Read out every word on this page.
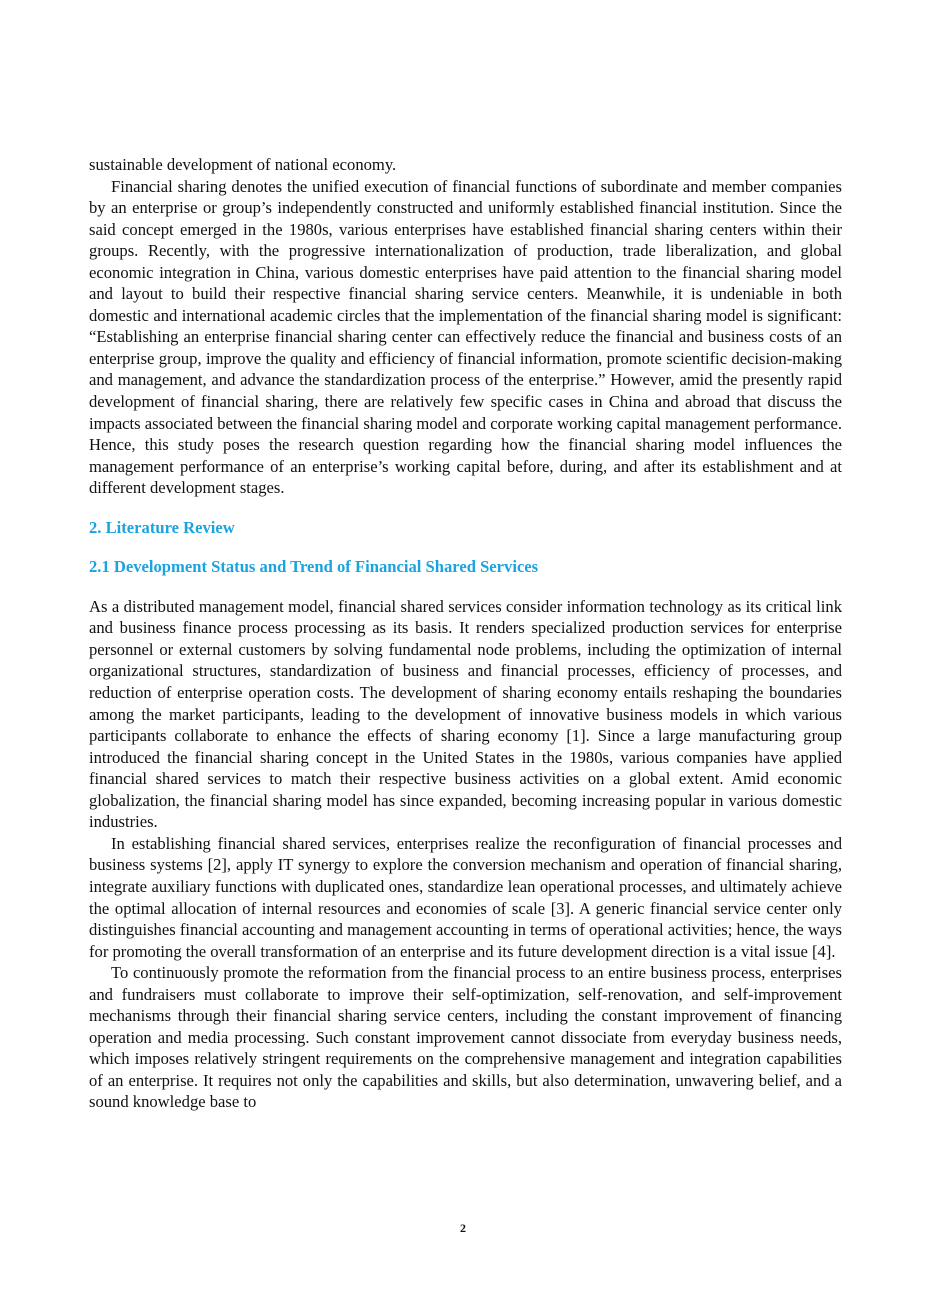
sustainable development of national economy.

Financial sharing denotes the unified execution of financial functions of subordinate and member companies by an enterprise or group’s independently constructed and uniformly established financial institution. Since the said concept emerged in the 1980s, various enterprises have established financial sharing centers within their groups. Recently, with the progressive internationalization of production, trade liberalization, and global economic integration in China, various domestic enterprises have paid attention to the financial sharing model and layout to build their respective financial sharing service centers. Meanwhile, it is undeniable in both domestic and international academic circles that the implementation of the financial sharing model is significant: “Establishing an enterprise financial sharing center can effectively reduce the financial and business costs of an enterprise group, improve the quality and efficiency of financial information, promote scientific decision-making and management, and advance the standardization process of the enterprise.” However, amid the presently rapid development of financial sharing, there are relatively few specific cases in China and abroad that discuss the impacts associated between the financial sharing model and corporate working capital management performance. Hence, this study poses the research question regarding how the financial sharing model influences the management performance of an enterprise’s working capital before, during, and after its establishment and at different development stages.

2. Literature Review
2.1 Development Status and Trend of Financial Shared Services

As a distributed management model, financial shared services consider information technology as its critical link and business finance process processing as its basis. It renders specialized production services for enterprise personnel or external customers by solving fundamental node problems, including the optimization of internal organizational structures, standardization of business and financial processes, efficiency of processes, and reduction of enterprise operation costs. The development of sharing economy entails reshaping the boundaries among the market participants, leading to the development of innovative business models in which various participants collaborate to enhance the effects of sharing economy [1]. Since a large manufacturing group introduced the financial sharing concept in the United States in the 1980s, various companies have applied financial shared services to match their respective business activities on a global extent. Amid economic globalization, the financial sharing model has since expanded, becoming increasing popular in various domestic industries.

In establishing financial shared services, enterprises realize the reconfiguration of financial processes and business systems [2], apply IT synergy to explore the conversion mechanism and operation of financial sharing, integrate auxiliary functions with duplicated ones, standardize lean operational processes, and ultimately achieve the optimal allocation of internal resources and economies of scale [3]. A generic financial service center only distinguishes financial accounting and management accounting in terms of operational activities; hence, the ways for promoting the overall transformation of an enterprise and its future development direction is a vital issue [4].

To continuously promote the reformation from the financial process to an entire business process, enterprises and fundraisers must collaborate to improve their self-optimization, self-renovation, and self-improvement mechanisms through their financial sharing service centers, including the constant improvement of financing operation and media processing. Such constant improvement cannot dissociate from everyday business needs, which imposes relatively stringent requirements on the comprehensive management and integration capabilities of an enterprise. It requires not only the capabilities and skills, but also determination, unwavering belief, and a sound knowledge base to

2
